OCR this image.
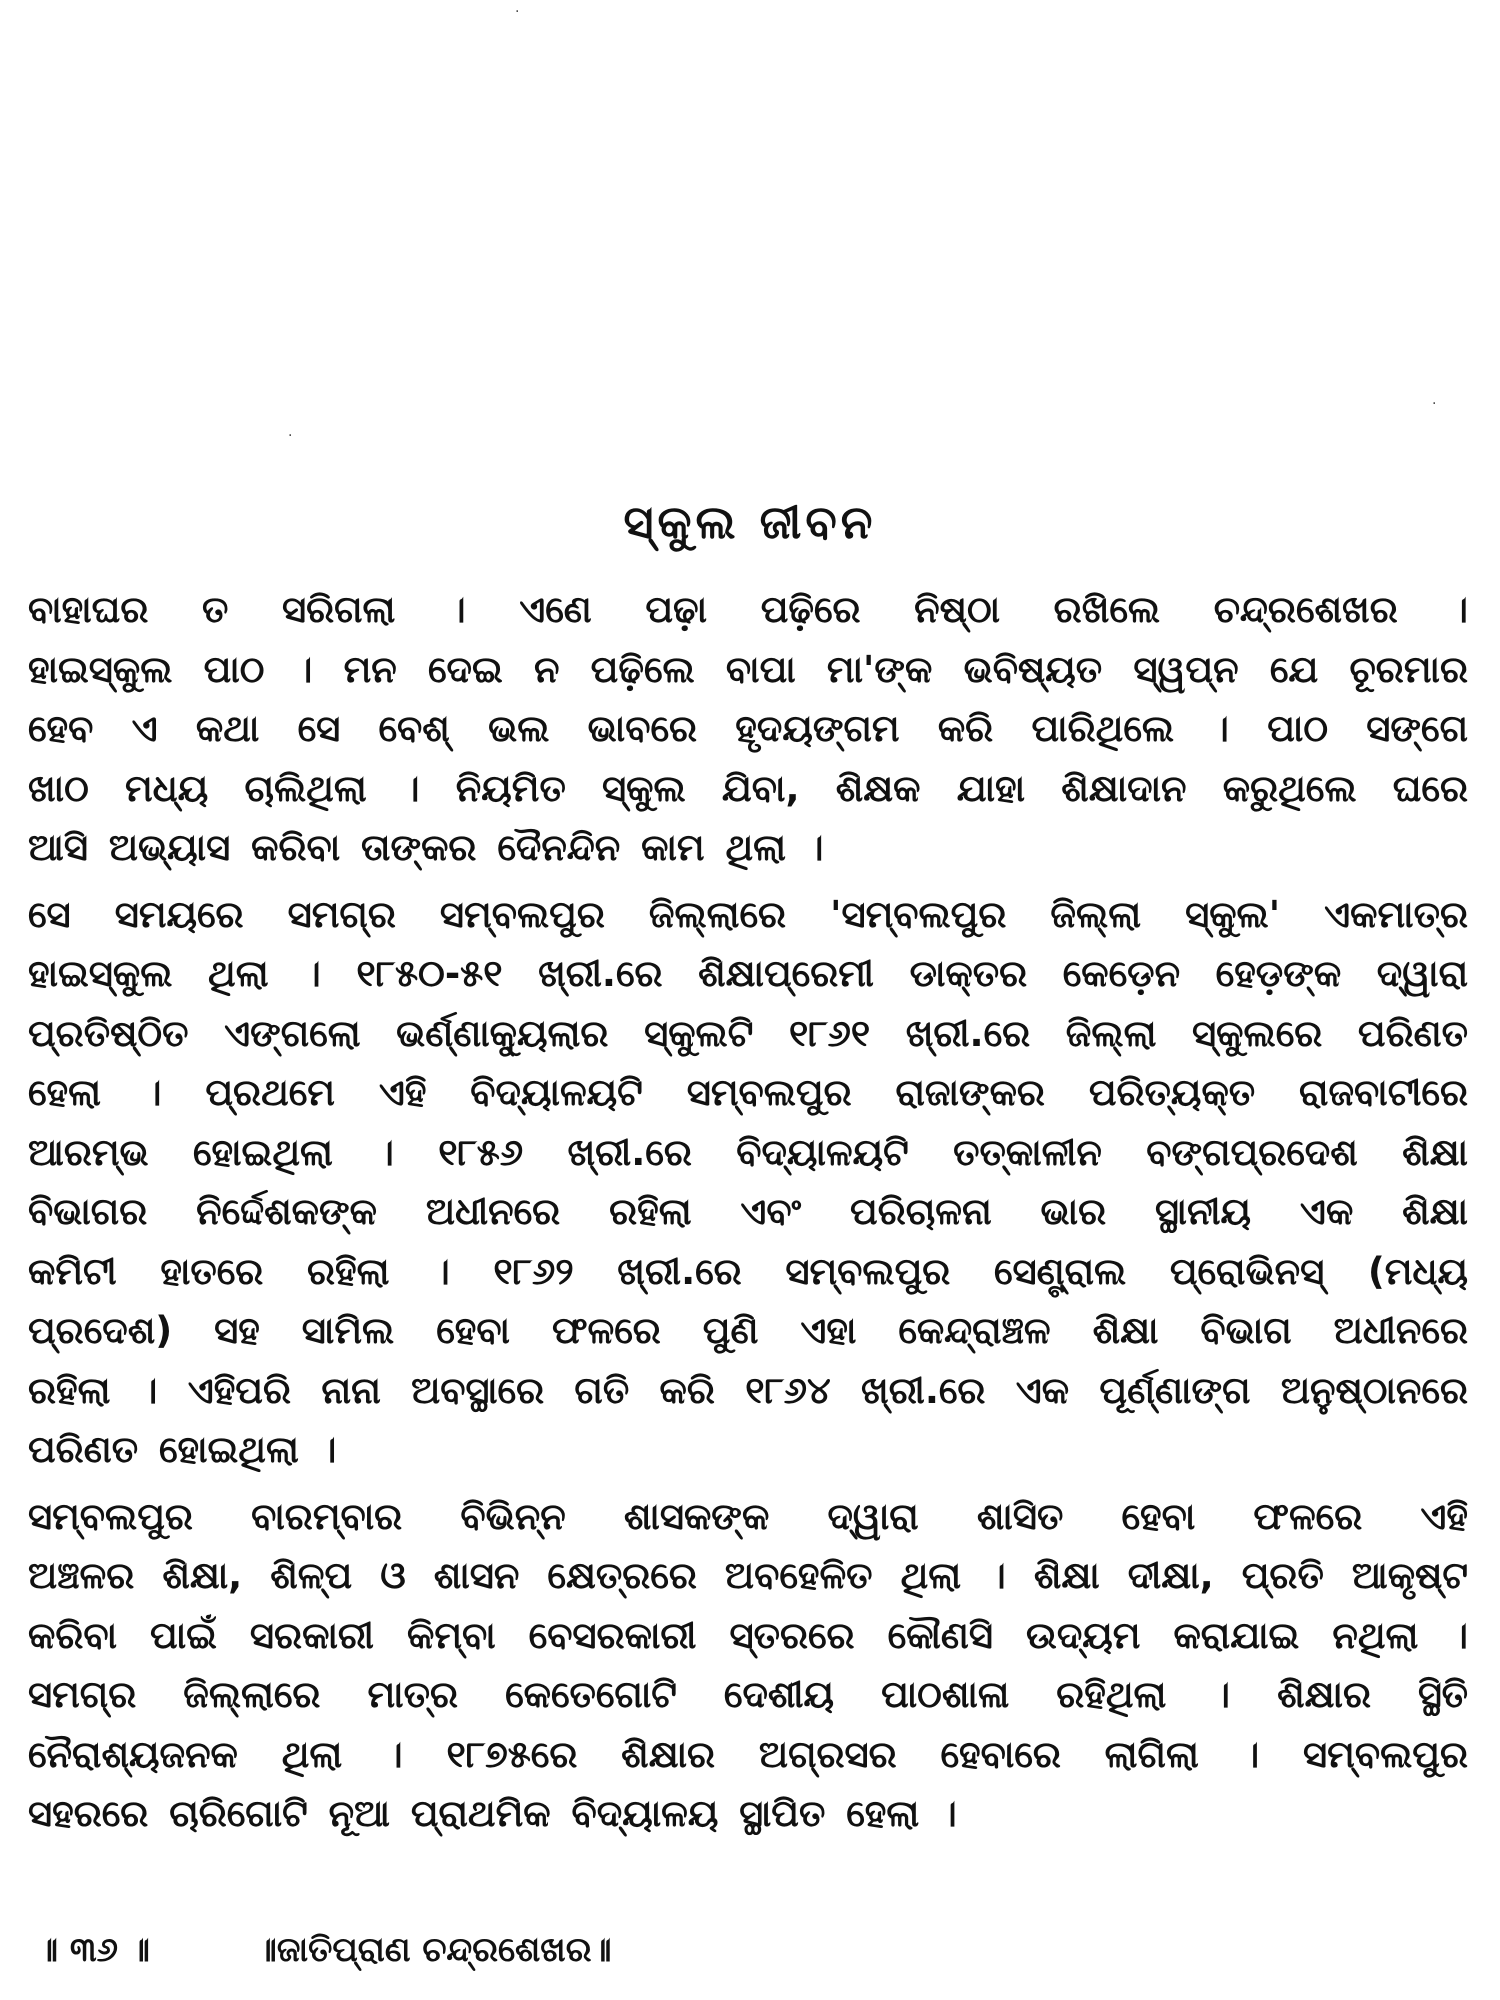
·
·
·
ସ୍କୁଲ ଜୀବନ
ବାହାଘର ତ ସରିଗଲା । ଏଣେ ପଢ଼ା ପଢ଼ିରେ ନିଷ୍ଠା ରଖିଲେ ଚନ୍ଦ୍ରଶେଖର ।
ହାଇସ୍କୁଲ ପାଠ । ମନ ଦେଇ ନ ପଢ଼ିଲେ ବାପା ମା'ଙ୍କ ଭବିଷ୍ୟତ ସ୍ୱପ୍ନ ଯେ ଚୂରମାର
ହେବ ଏ କଥା ସେ ବେଶ୍ ଭଲ ଭାବରେ ହୃଦୟଙ୍ଗମ କରି ପାରିଥିଲେ । ପାଠ ସଙ୍ଗେ
ଖାଠ ମଧ୍ୟ ଚାଲିଥିଲା । ନିୟମିତ ସ୍କୁଲ ଯିବା, ଶିକ୍ଷକ ଯାହା ଶିକ୍ଷାଦାନ କରୁଥିଲେ ଘରେ
ଆସି ଅଭ୍ୟାସ କରିବା ତାଙ୍କର ଦୈନନ୍ଦିନ କାମ ଥିଲା ।
ସେ ସମୟରେ ସମଗ୍ର ସମ୍ବଲପୁର ଜିଲ୍ଲାରେ 'ସମ୍ବଲପୁର ଜିଲ୍ଲା ସ୍କୁଲ' ଏକମାତ୍ର
ହାଇସ୍କୁଲ ଥିଲା । ୧୮୫୦-୫୧ ଖ୍ରୀ.ରେ ଶିକ୍ଷାପ୍ରେମୀ ଡାକ୍ତର କେଡ଼େନ ହେଡ଼ଙ୍କ ଦ୍ୱାରା
ପ୍ରତିଷ୍ଠିତ ଏଙ୍ଗଲୋ ଭର୍ଣ୍ଣାକ୍ୟୁଲାର ସ୍କୁଲଟି ୧୮୬୧ ଖ୍ରୀ.ରେ ଜିଲ୍ଲା ସ୍କୁଲରେ ପରିଣତ
ହେଲା । ପ୍ରଥମେ ଏହି ବିଦ୍ୟାଳୟଟି ସମ୍ବଲପୁର ରାଜାଙ୍କର ପରିତ୍ୟକ୍ତ ରାଜବାଟୀରେ
ଆରମ୍ଭ ହୋଇଥିଲା । ୧୮୫୬ ଖ୍ରୀ.ରେ ବିଦ୍ୟାଳୟଟି ତତ୍କାଳୀନ ବଙ୍ଗପ୍ରଦେଶ ଶିକ୍ଷା
ବିଭାଗର ନିର୍ଦ୍ଦେଶକଙ୍କ ଅଧୀନରେ ରହିଲା ଏବଂ ପରିଚାଳନା ଭାର ସ୍ଥାନୀୟ ଏକ ଶିକ୍ଷା
କମିଟୀ ହାତରେ ରହିଲା । ୧୮୬୨ ଖ୍ରୀ.ରେ ସମ୍ବଲପୁର ସେଣ୍ଟ୍ରାଲ ପ୍ରୋଭିନସ୍ (ମଧ୍ୟ
ପ୍ରଦେଶ) ସହ ସାମିଲ ହେବା ଫଳରେ ପୁଣି ଏହା କେନ୍ଦ୍ରାଞ୍ଚଳ ଶିକ୍ଷା ବିଭାଗ ଅଧୀନରେ
ରହିଲା । ଏହିପରି ନାନା ଅବସ୍ଥାରେ ଗତି କରି ୧୮୬୪ ଖ୍ରୀ.ରେ ଏକ ପୂର୍ଣ୍ଣାଙ୍ଗ ଅନୁଷ୍ଠାନରେ
ପରିଣତ ହୋଇଥିଲା ।
ସମ୍ବଲପୁର ବାରମ୍ବାର ବିଭିନ୍ନ ଶାସକଙ୍କ ଦ୍ୱାରା ଶାସିତ ହେବା ଫଳରେ ଏହି
ଅଞ୍ଚଳର ଶିକ୍ଷା, ଶିଳ୍ପ ଓ ଶାସନ କ୍ଷେତ୍ରରେ ଅବହେଳିତ ଥିଲା । ଶିକ୍ଷା ଦୀକ୍ଷା, ପ୍ରତି ଆକୃଷ୍ଟ
କରିବା ପାଇଁ ସରକାରୀ କିମ୍ବା ବେସରକାରୀ ସ୍ତରରେ କୌଣସି ଉଦ୍ୟମ କରାଯାଇ ନଥିଲା ।
ସମଗ୍ର ଜିଲ୍ଲାରେ ମାତ୍ର କେତେଗୋଟି ଦେଶୀୟ ପାଠଶାଳା ରହିଥିଲା । ଶିକ୍ଷାର ସ୍ଥିତି
ନୈରାଶ୍ୟଜନକ ଥିଲା । ୧୮୭୫ରେ ଶିକ୍ଷାର ଅଗ୍ରସର ହେବାରେ ଲାଗିଲା । ସମ୍ବଲପୁର
ସହରରେ ଚାରିଗୋଟି ନୂଆ ପ୍ରାଥମିକ ବିଦ୍ୟାଳୟ ସ୍ଥାପିତ ହେଲା ।
॥ ୩୬ ॥	॥ଜାତିପ୍ରାଣ ଚନ୍ଦ୍ରଶେଖର॥
